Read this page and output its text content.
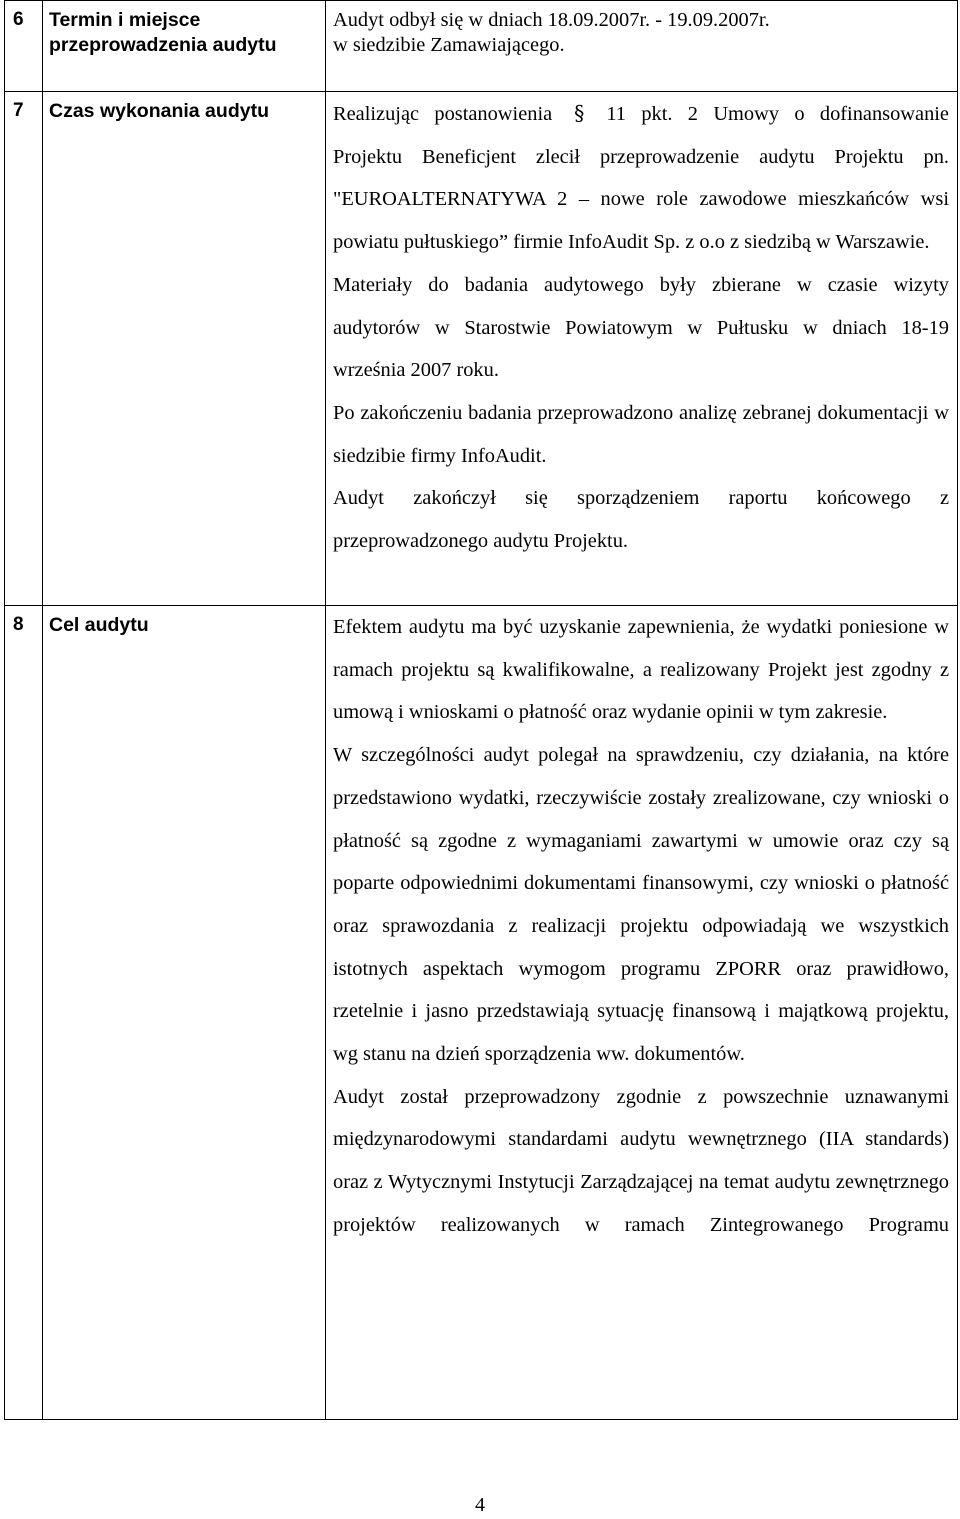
6	Termin i miejsce przeprowadzenia audytu	Audyt odbył się w dniach 18.09.2007r. - 19.09.2007r.
w siedzibie Zamawiającego.

7	Czas wykonania audytu	Realizując postanowienia § 11 pkt. 2 Umowy o dofinansowanie Projektu Beneficjent zlecił przeprowadzenie audytu Projektu pn. "EUROALTERNATYWA 2 – nowe role zawodowe mieszkańców wsi powiatu pułtuskiego” firmie InfoAudit Sp. z o.o z siedzibą w Warszawie.

Materiały do badania audytowego były zbierane w czasie wizyty audytorów w Starostwie Powiatowym w Pułtusku w dniach 18-19 września 2007 roku.

Po zakończeniu badania przeprowadzono analizę zebranej dokumentacji w siedzibie firmy InfoAudit.

Audyt zakończył się sporządzeniem raportu końcowego z przeprowadzonego audytu Projektu.

8	Cel audytu	Efektem audytu ma być uzyskanie zapewnienia, że wydatki poniesione w ramach projektu są kwalifikowalne, a realizowany Projekt jest zgodny z umową i wnioskami o płatność oraz wydanie opinii w tym zakresie.

W szczególności audyt polegał na sprawdzeniu, czy działania, na które przedstawiono wydatki, rzeczywiście zostały zrealizowane, czy wnioski o płatność są zgodne z wymaganiami zawartymi w umowie oraz czy są poparte odpowiednimi dokumentami finansowymi, czy wnioski o płatność oraz sprawozdania z realizacji projektu odpowiadają we wszystkich istotnych aspektach wymogom programu ZPORR oraz prawidłowo, rzetelnie i jasno przedstawiają sytuację finansową i majątkową projektu, wg stanu na dzień sporządzenia ww. dokumentów.

Audyt został przeprowadzony zgodnie z powszechnie uznawanymi międzynarodowymi standardami audytu wewnętrznego (IIA standards) oraz z Wytycznymi Instytucji Zarządzającej na temat audytu zewnętrznego projektów realizowanych w ramach Zintegrowanego Programu

4
